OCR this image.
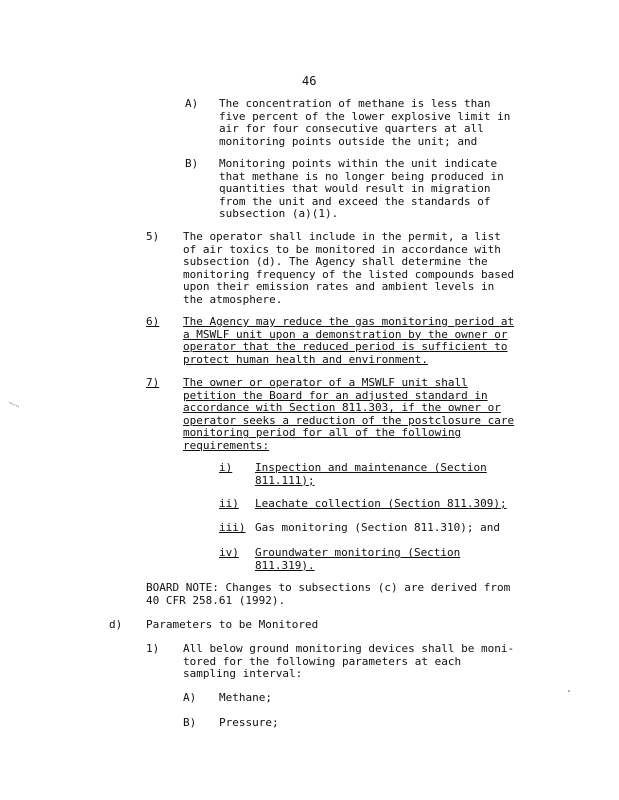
46
A) The concentration of methane is less than
five percent of the lower explosive limit in
air for four consecutive quarters at all
monitoring points outside the unit; and
B) Monitoring points within the unit indicate
that methane is no longer being produced in
quantities that would result in migration
from the unit and exceed the standards of
subsection (a)(1).
5) The operator shall include in the permit, a list
of air toxics to be monitored in accordance with
subsection (d). The Agency shall determine the
monitoring frequency of the listed compounds based
upon their emission rates and ambient levels in
the atmosphere.
6) The Agency may reduce the gas monitoring period at
a MSWLF unit upon a demonstration by the owner or
operator that the reduced period is sufficient to
protect human health and environment.
7) The owner or operator of a MSWLF unit shall
petition the Board for an adjusted standard in
accordance with Section 811.303, if the owner or
operator seeks a reduction of the postclosure care
monitoring period for all of the following
requirements:
i) Inspection and maintenance (Section
811.111);
ii) Leachate collection (Section 811.309);
iii) Gas monitoring (Section 811.310); and
iv) Groundwater monitoring (Section
811.319).
BOARD NOTE: Changes to subsections (c) are derived from
40 CFR 258.61 (1992).
d) Parameters to be Monitored
1) All below ground monitoring devices shall be moni-
tored for the following parameters at each
sampling interval:
A) Methane;
B) Pressure;
